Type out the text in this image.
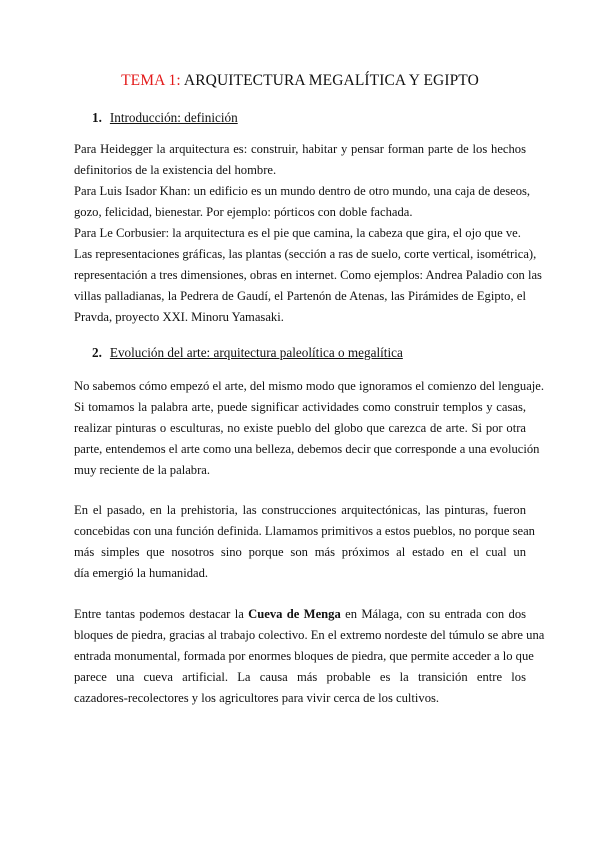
TEMA 1: ARQUITECTURA MEGALÍTICA Y EGIPTO
1. Introducción: definición
Para Heidegger la arquitectura es: construir, habitar y pensar forman parte de los hechos
definitorios de la existencia del hombre.
Para Luis Isador Khan: un edificio es un mundo dentro de otro mundo, una caja de deseos,
gozo, felicidad, bienestar. Por ejemplo: pórticos con doble fachada.
Para Le Corbusier: la arquitectura es el pie que camina, la cabeza que gira, el ojo que ve.
Las representaciones gráficas, las plantas (sección a ras de suelo, corte vertical, isométrica),
representación a tres dimensiones, obras en internet. Como ejemplos: Andrea Paladio con las
villas palladianas, la Pedrera de Gaudí, el Partenón de Atenas, las Pirámides de Egipto, el
Pravda, proyecto XXI. Minoru Yamasaki.
2. Evolución del arte: arquitectura paleolítica o megalítica
No sabemos cómo empezó el arte, del mismo modo que ignoramos el comienzo del lenguaje.
Si tomamos la palabra arte, puede significar actividades como construir templos y casas,
realizar pinturas o esculturas, no existe pueblo del globo que carezca de arte. Si por otra
parte, entendemos el arte como una belleza, debemos decir que corresponde a una evolución
muy reciente de la palabra.
En el pasado, en la prehistoria, las construcciones arquitectónicas, las pinturas, fueron
concebidas con una función definida. Llamamos primitivos a estos pueblos, no porque sean
más simples que nosotros sino porque son más próximos al estado en el cual un
día emergió la humanidad.
Entre tantas podemos destacar la Cueva de Menga en Málaga, con su entrada con dos
bloques de piedra, gracias al trabajo colectivo. En el extremo nordeste del túmulo se abre una
entrada monumental, formada por enormes bloques de piedra, que permite acceder a lo que
parece una cueva artificial. La causa más probable es la transición entre los
cazadores-recolectores y los agricultores para vivir cerca de los cultivos.
